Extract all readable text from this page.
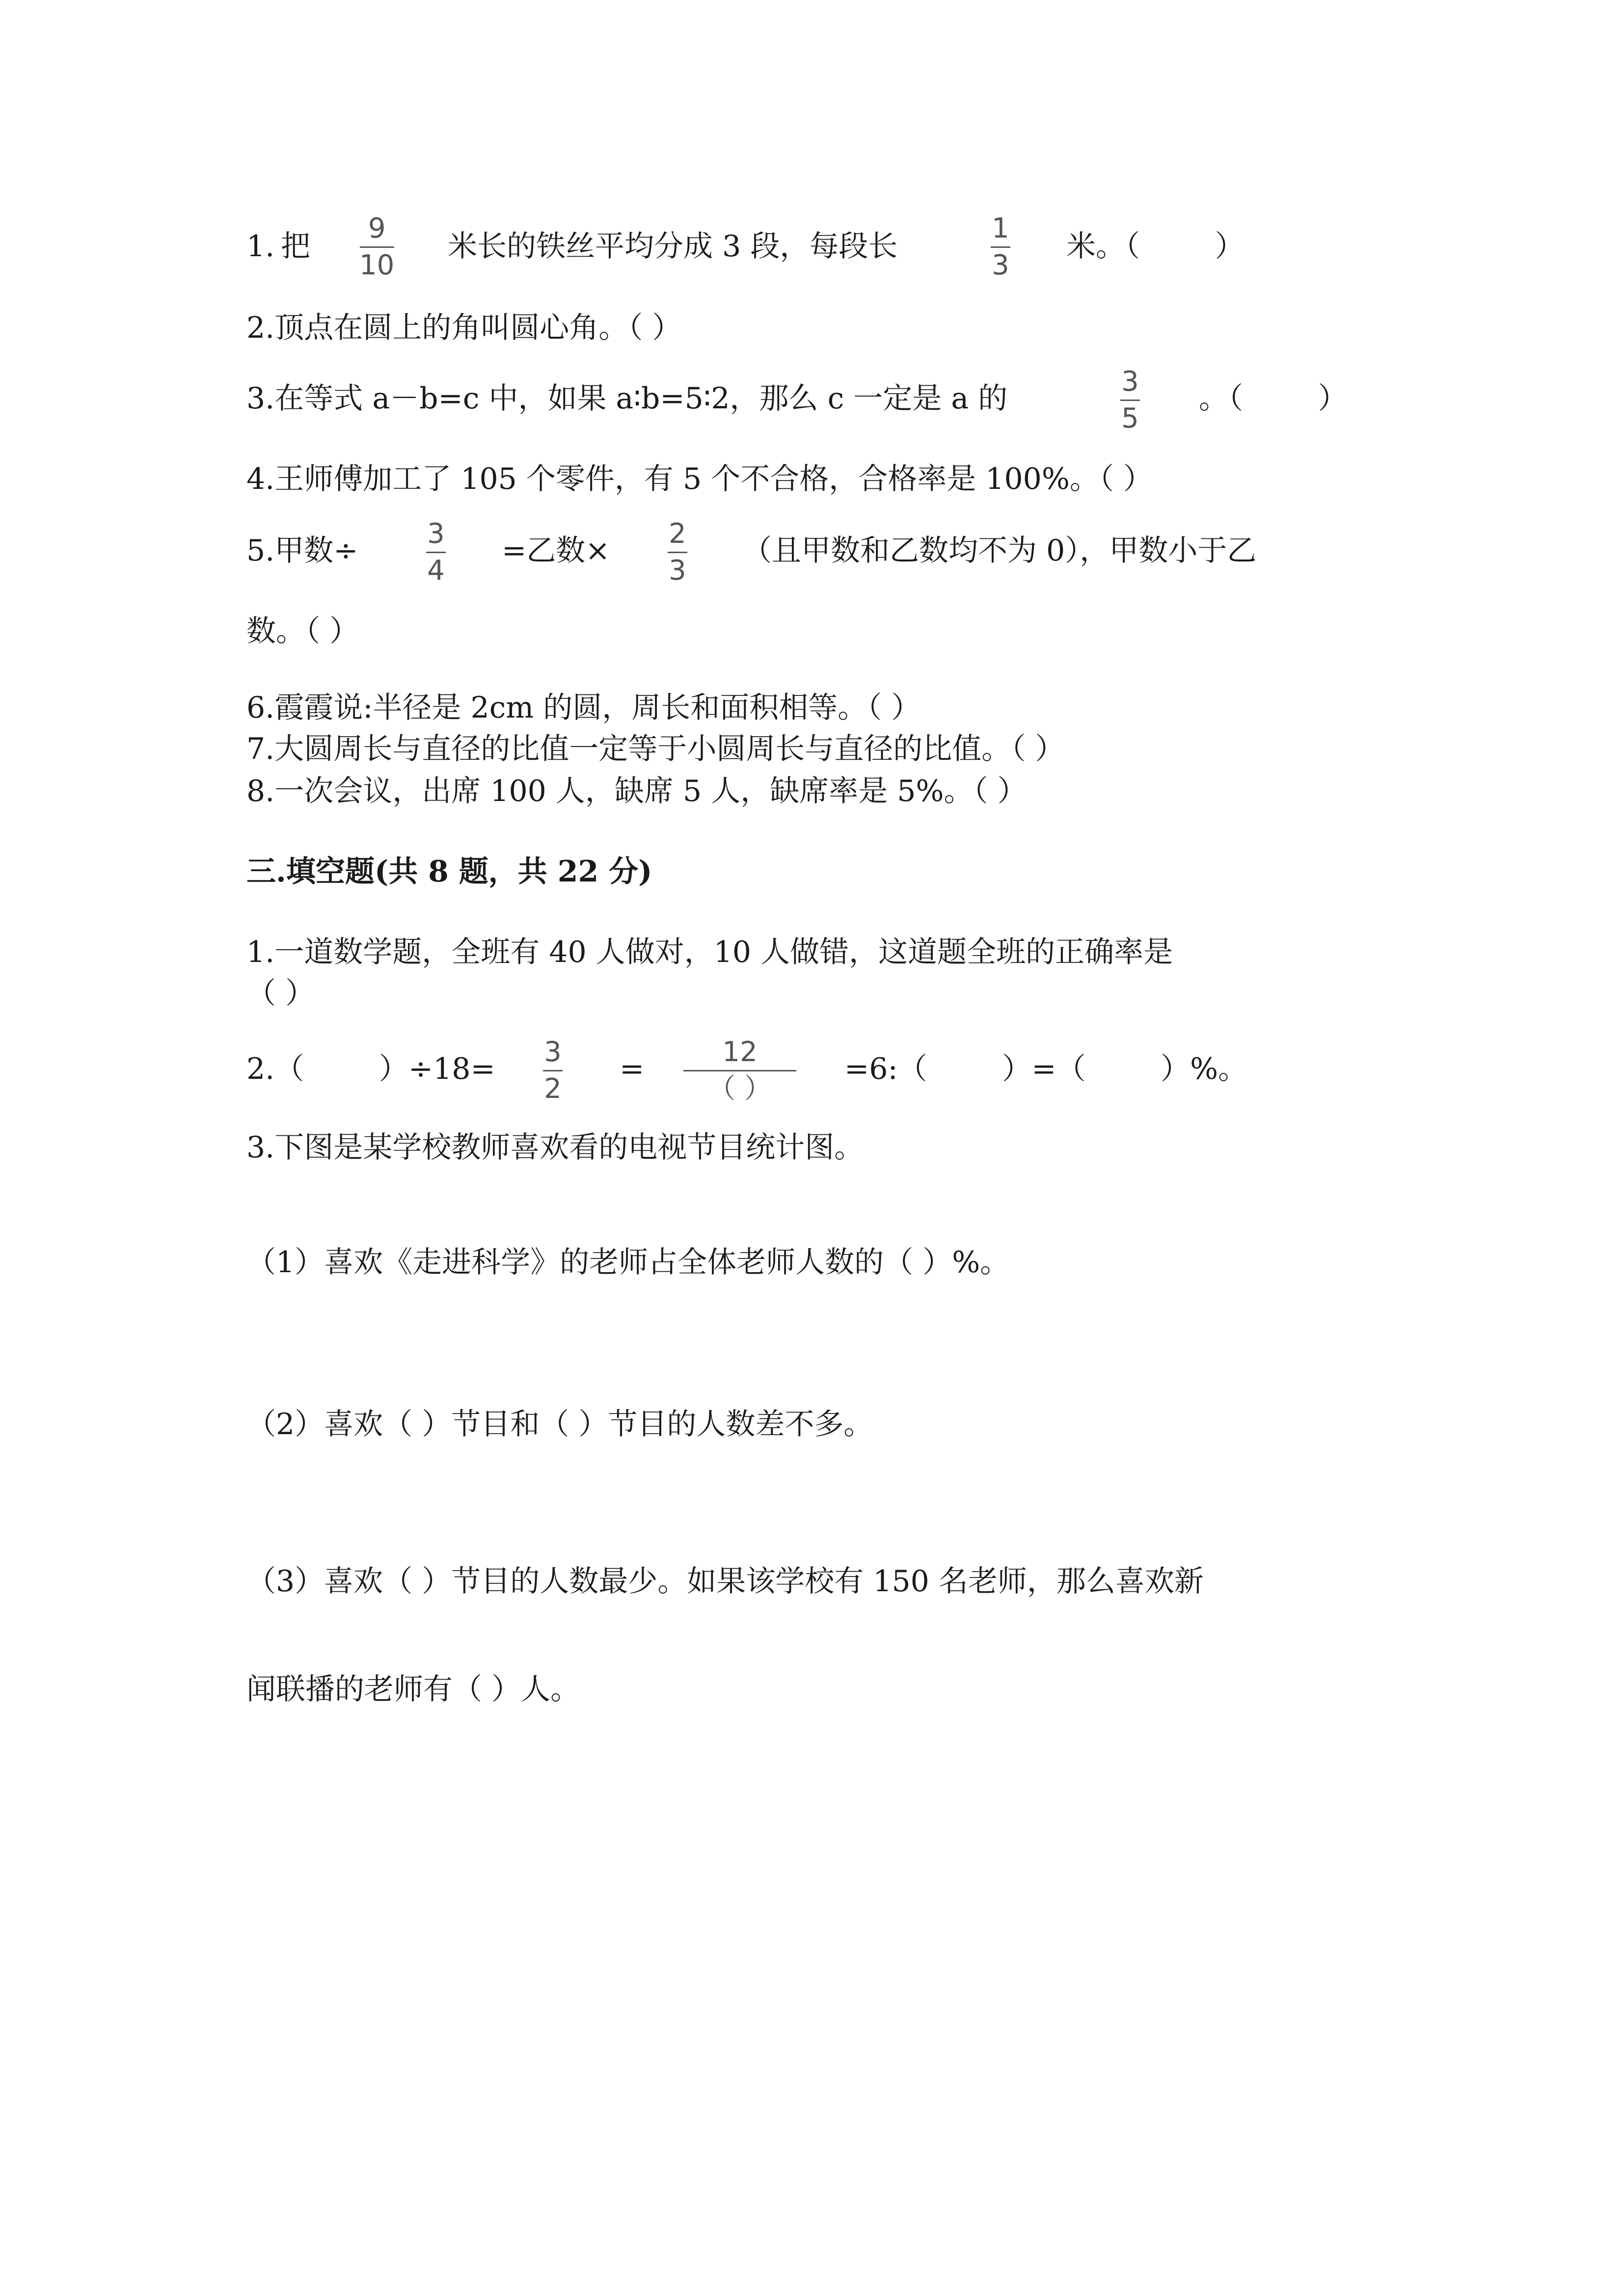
1. 把
9
10
米长的铁丝平均分成 3 段，每段长
1
3
米。（        ）
2.顶点在圆上的角叫圆心角。（ ）
3.在等式 a－b=c 中，如果 a∶b=5∶2，那么 c 一定是 a 的	3
5
。（        ）
4.王师傅加工了 105 个零件，有 5 个不合格，合格率是 100%。（ ）
5.甲数÷	3
4
=乙数× 2
3
（且甲数和乙数均不为 0），甲数小于乙
数。（ ）
6.霞霞说:半径是 2cm 的圆，周长和面积相等。（ ）
7.大圆周长与直径的比值一定等于小圆周长与直径的比值。（ ）
8.一次会议，出席 100 人，缺席 5 人，缺席率是 5%。（ ）
三.填空题(共 8 题，共 22 分)
1.一道数学题，全班有 40 人做对，10 人做错，这道题全班的正确率是
（ ）
2.（        ）÷18= 3
2
=	12
（ ）
=6:（        ）=（        ）%。
3.下图是某学校教师喜欢看的电视节目统计图。
（1）喜欢《走进科学》的老师占全体老师人数的（ ）%。
（2）喜欢（ ）节目和（ ）节目的人数差不多。
（3）喜欢（ ）节目的人数最少。如果该学校有 150 名老师，那么喜欢新
闻联播的老师有（ ）人。
